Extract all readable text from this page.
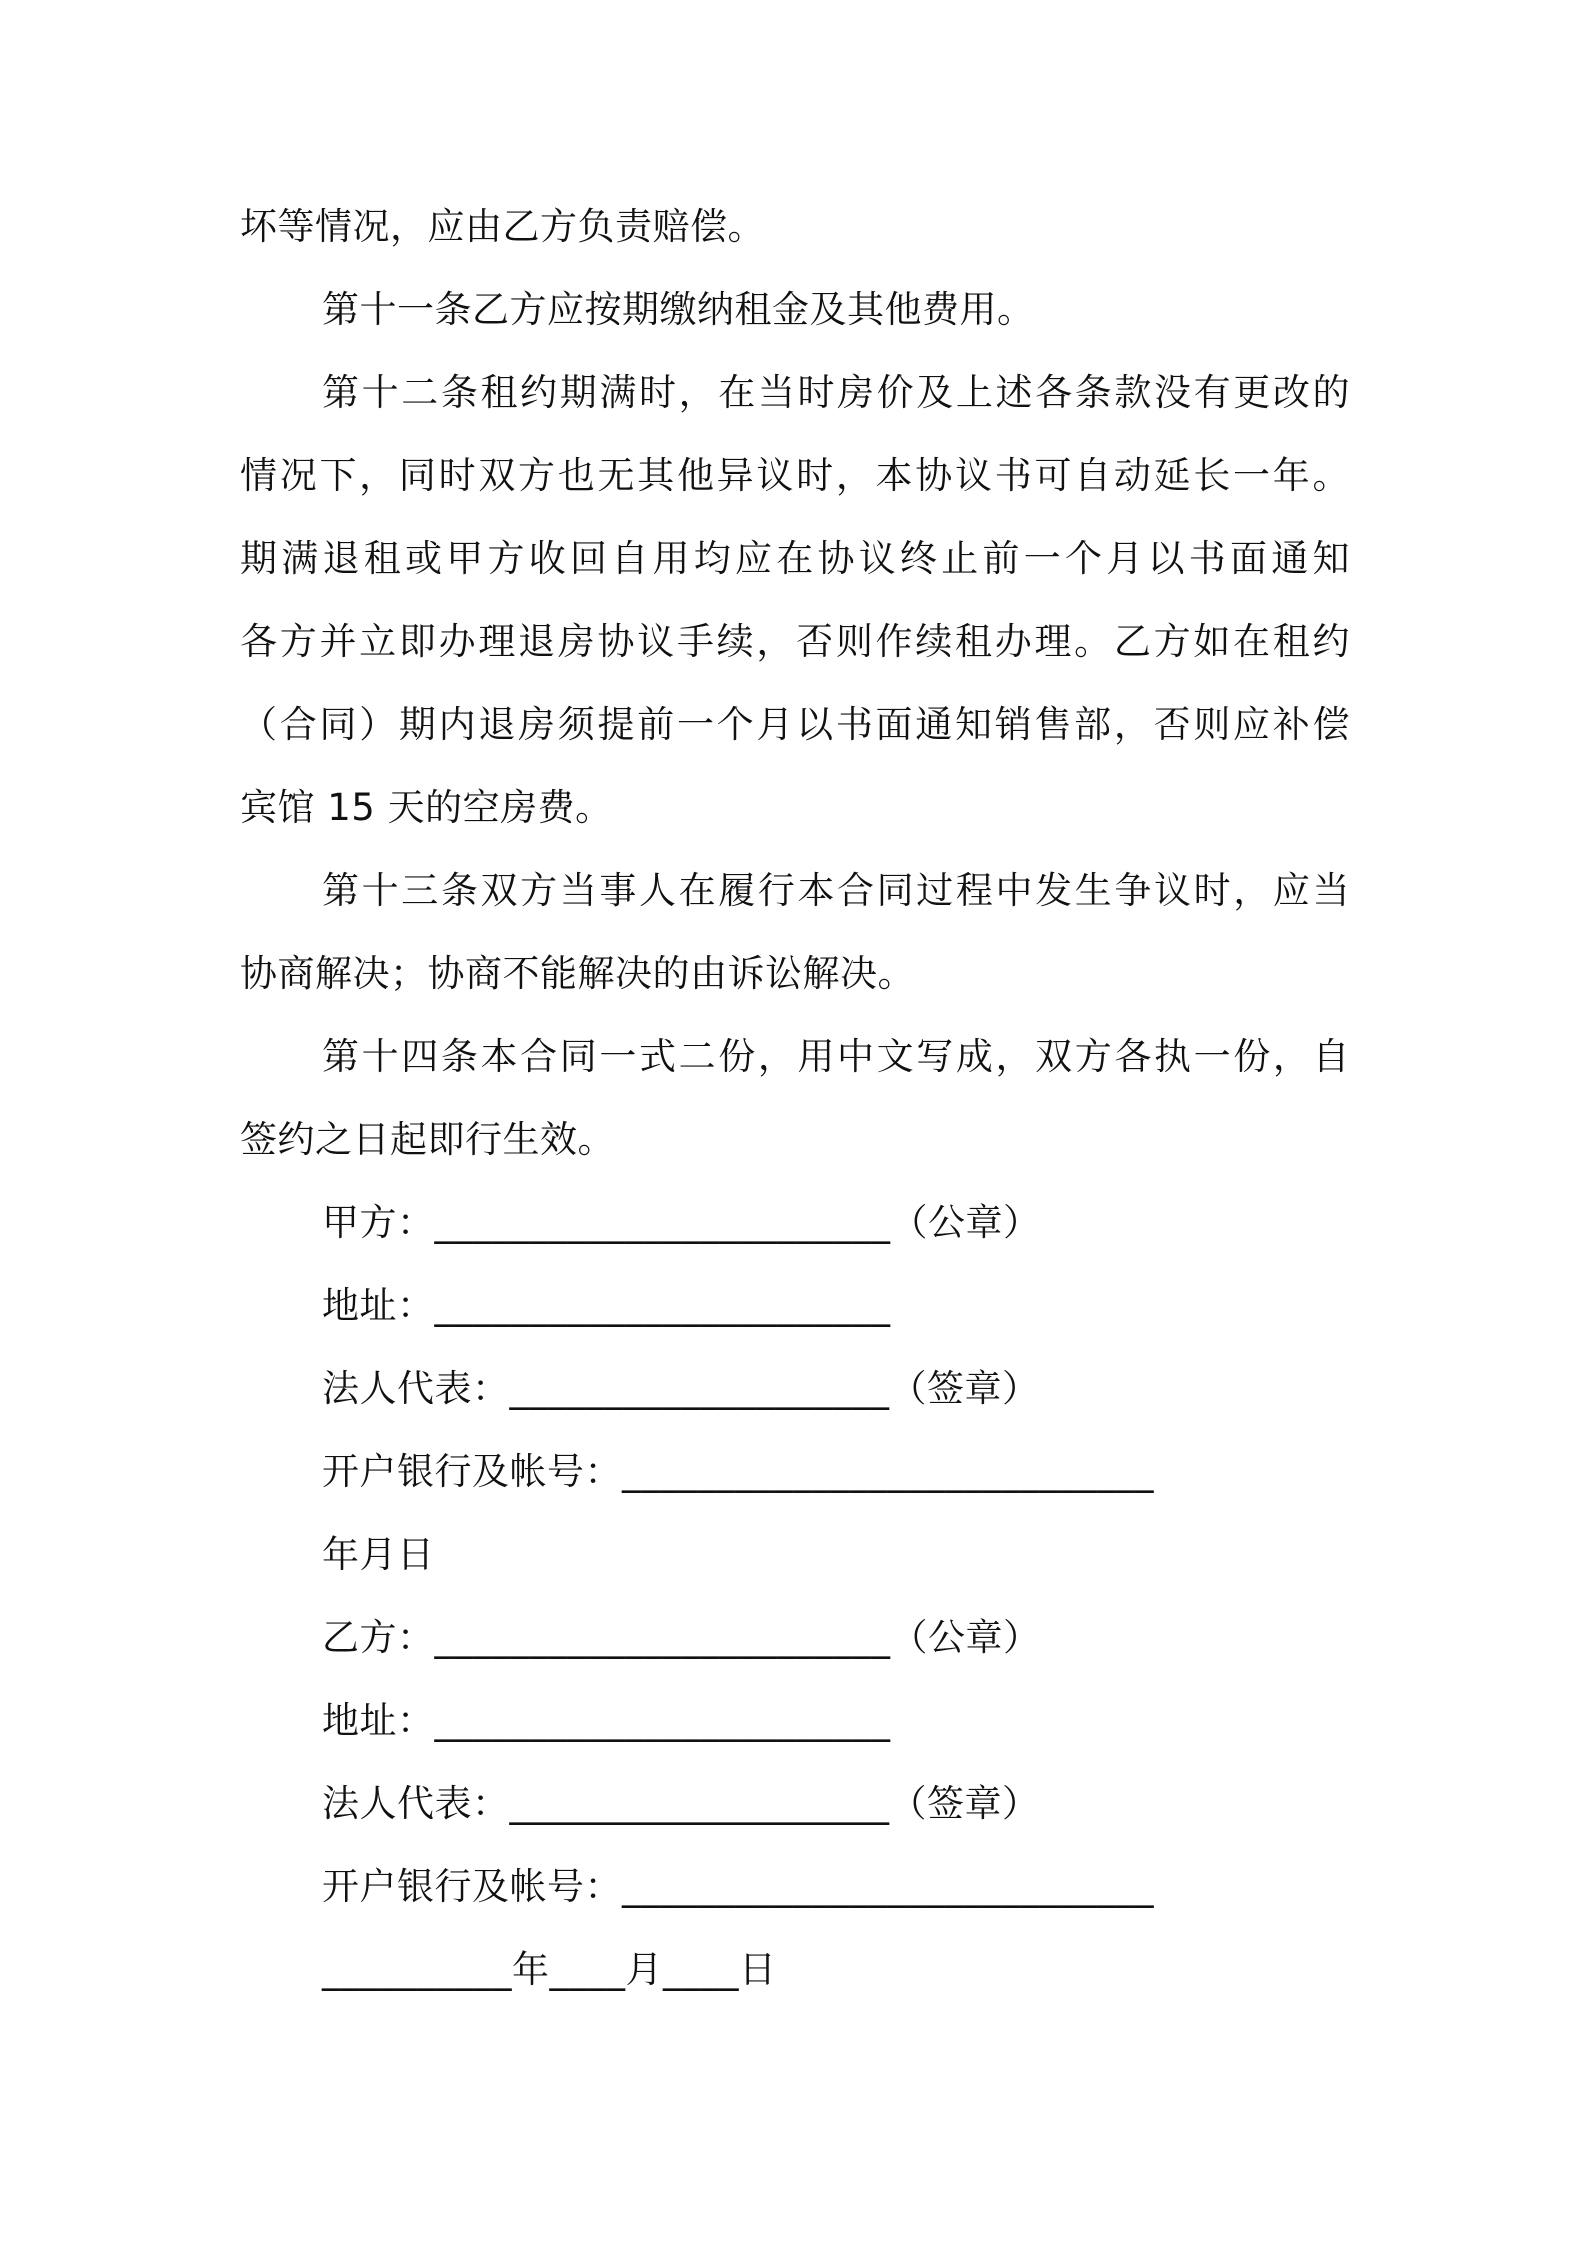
坏等情况，应由乙方负责赔偿。
第十一条乙方应按期缴纳租金及其他费用。
第十二条租约期满时，在当时房价及上述各条款没有更改的
情况下，同时双方也无其他异议时，本协议书可自动延长一年。
期满退租或甲方收回自用均应在协议终止前一个月以书面通知
各方并立即办理退房协议手续，否则作续租办理。乙方如在租约
（合同）期内退房须提前一个月以书面通知销售部，否则应补偿
宾馆 15 天的空房费。
第十三条双方当事人在履行本合同过程中发生争议时，应当
协商解决；协商不能解决的由诉讼解决。
第十四条本合同一式二份，用中文写成，双方各执一份，自
签约之日起即行生效。
甲方：________________________（公章）
地址：________________________
法人代表：____________________（签章）
开户银行及帐号：____________________________
年月日
乙方：________________________（公章）
地址：________________________
法人代表：____________________（签章）
开户银行及帐号：____________________________
__________年____月____日
